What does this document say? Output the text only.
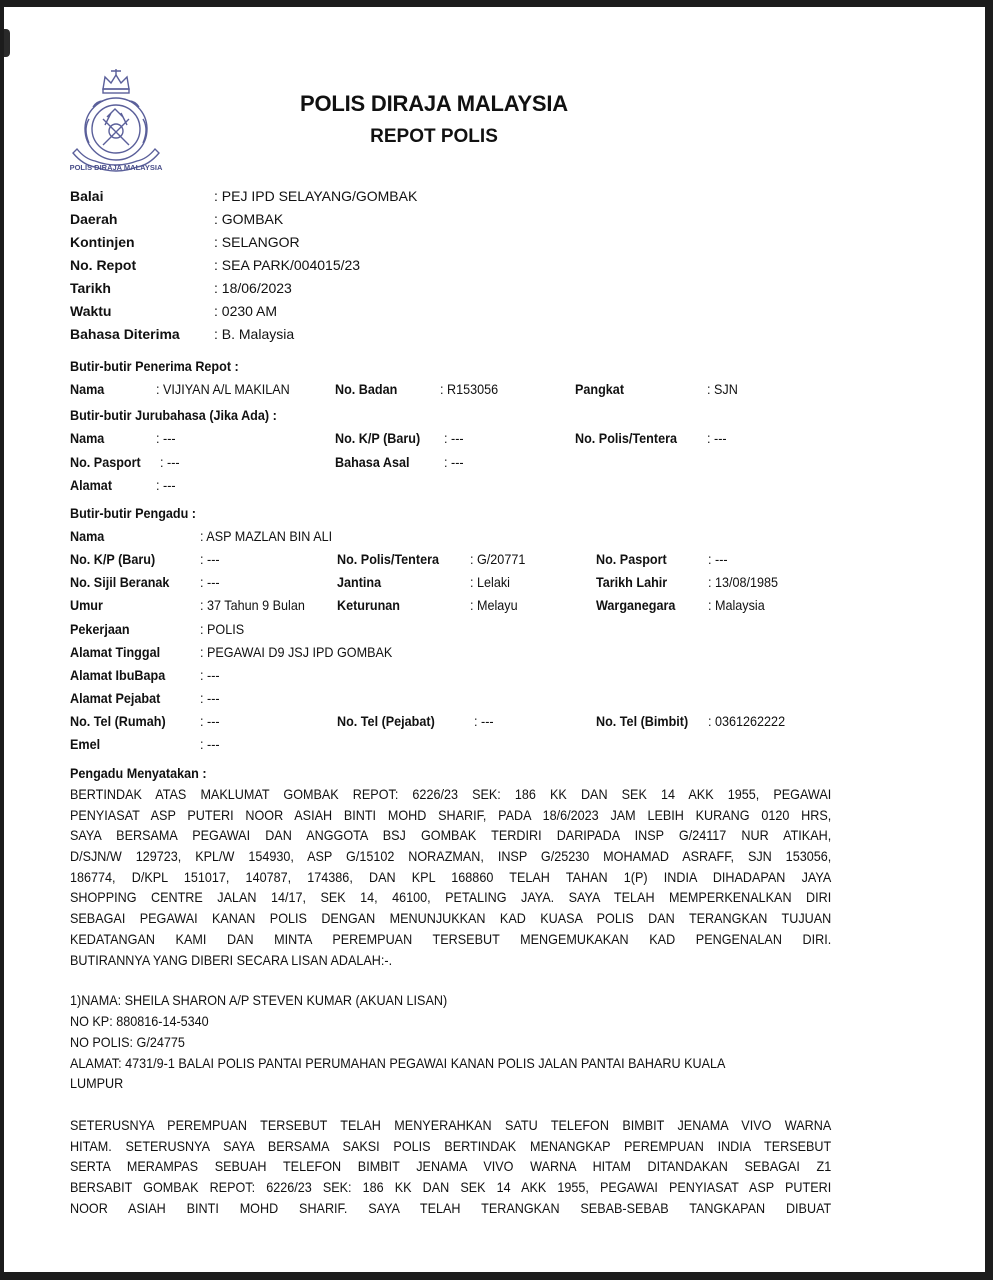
POLIS DIRAJA MALAYSIA
POLIS DIRAJA MALAYSIA
REPOT POLIS
Balai	: PEJ IPD SELAYANG/GOMBAK
Daerah	: GOMBAK
Kontinjen	: SELANGOR
No. Repot	: SEA PARK/004015/23
Tarikh	: 18/06/2023
Waktu	: 0230 AM
Bahasa Diterima : B. Malaysia
Butir-butir Penerima Repot :
Nama	: VIJIYAN A/L MAKILAN	No. Badan	: R153056	Pangkat	: SJN
Butir-butir Jurubahasa (Jika Ada) :
Nama	: ---	No. K/P (Baru) : ---	No. Polis/Tentera : ---
No. Pasport : ---	Bahasa Asal : ---
Alamat	: ---
Butir-butir Pengadu :
Nama	: ASP MAZLAN BIN ALI
No. K/P (Baru)	: ---	No. Polis/Tentera : G/20771	No. Pasport	: ---
No. Sijil Beranak : ---	Jantina	: Lelaki	Tarikh Lahir	: 13/08/1985
Umur	: 37 Tahun 9 Bulan Keturunan	: Melayu	Warganegara : Malaysia
Pekerjaan	: POLIS
Alamat Tinggal	: PEGAWAI D9 JSJ IPD GOMBAK
Alamat IbuBapa : ---
Alamat Pejabat	: ---
No. Tel (Rumah) : ---	No. Tel (Pejabat)	: ---	No. Tel (Bimbit) : 0361262222
Emel	: ---
Pengadu Menyatakan :
BERTINDAK ATAS MAKLUMAT GOMBAK REPOT: 6226/23 SEK: 186 KK DAN SEK 14 AKK 1955, PEGAWAI
PENYIASAT ASP PUTERI NOOR ASIAH BINTI MOHD SHARIF, PADA 18/6/2023 JAM LEBIH KURANG 0120 HRS,
SAYA BERSAMA PEGAWAI DAN ANGGOTA BSJ GOMBAK TERDIRI DARIPADA INSP G/24117 NUR ATIKAH,
D/SJN/W 129723, KPL/W 154930, ASP G/15102 NORAZMAN, INSP G/25230 MOHAMAD ASRAFF, SJN 153056,
186774, D/KPL 151017, 140787, 174386, DAN KPL 168860 TELAH TAHAN 1(P) INDIA DIHADAPAN JAYA
SHOPPING CENTRE JALAN 14/17, SEK 14, 46100, PETALING JAYA. SAYA TELAH MEMPERKENALKAN DIRI
SEBAGAI PEGAWAI KANAN POLIS DENGAN MENUNJUKKAN KAD KUASA POLIS DAN TERANGKAN TUJUAN
KEDATANGAN KAMI DAN MINTA PEREMPUAN TERSEBUT MENGEMUKAKAN KAD PENGENALAN DIRI.
BUTIRANNYA YANG DIBERI SECARA LISAN ADALAH:-.
1)NAMA: SHEILA SHARON A/P STEVEN KUMAR (AKUAN LISAN)
NO KP: 880816-14-5340
NO POLIS: G/24775
ALAMAT: 4731/9-1 BALAI POLIS PANTAI PERUMAHAN PEGAWAI KANAN POLIS JALAN PANTAI BAHARU KUALA
LUMPUR
SETERUSNYA PEREMPUAN TERSEBUT TELAH MENYERAHKAN SATU TELEFON BIMBIT JENAMA VIVO WARNA
HITAM. SETERUSNYA SAYA BERSAMA SAKSI POLIS BERTINDAK MENANGKAP PEREMPUAN INDIA TERSEBUT
SERTA MERAMPAS SEBUAH TELEFON BIMBIT JENAMA VIVO WARNA HITAM DITANDAKAN SEBAGAI Z1
BERSABIT GOMBAK REPOT: 6226/23 SEK: 186 KK DAN SEK 14 AKK 1955, PEGAWAI PENYIASAT ASP PUTERI
NOOR ASIAH BINTI MOHD SHARIF. SAYA TELAH TERANGKAN SEBAB-SEBAB TANGKAPAN DIBUAT
